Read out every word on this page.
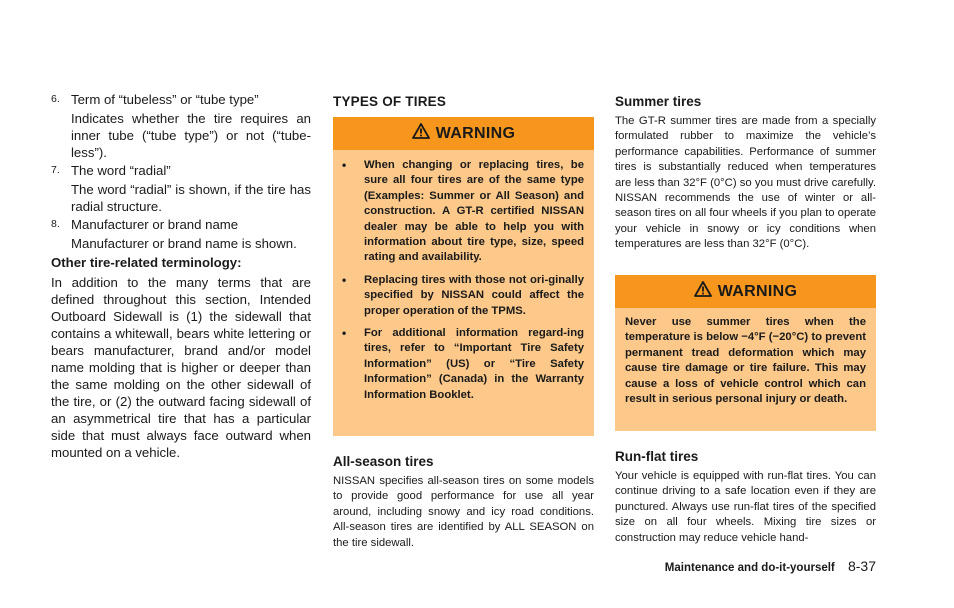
6. Term of “tubeless” or “tube type”
Indicates whether the tire requires an inner tube (“tube type”) or not (“tube-less”).
7. The word “radial”
The word “radial” is shown, if the tire has radial structure.
8. Manufacturer or brand name
Manufacturer or brand name is shown.
Other tire-related terminology:
In addition to the many terms that are defined throughout this section, Intended Outboard Sidewall is (1) the sidewall that contains a whitewall, bears white lettering or bears manufacturer, brand and/or model name molding that is higher or deeper than the same molding on the other sidewall of the tire, or (2) the outward facing sidewall of an asymmetrical tire that has a particular side that must always face outward when mounted on a vehicle.
TYPES OF TIRES
WARNING
• When changing or replacing tires, be sure all four tires are of the same type (Examples: Summer or All Season) and construction. A GT-R certified NISSAN dealer may be able to help you with information about tire type, size, speed rating and availability.
• Replacing tires with those not ori-ginally specified by NISSAN could affect the proper operation of the TPMS.
• For additional information regard-ing tires, refer to “Important Tire Safety Information” (US) or “Tire Safety Information” (Canada) in the Warranty Information Booklet.
All-season tires
NISSAN specifies all-season tires on some models to provide good performance for use all year around, including snowy and icy road conditions. All-season tires are identified by ALL SEASON on the tire sidewall.
Summer tires
The GT-R summer tires are made from a specially formulated rubber to maximize the vehicle’s performance capabilities. Performance of summer tires is substantially reduced when temperatures are less than 32°F (0°C) so you must drive carefully. NISSAN recommends the use of winter or all-season tires on all four wheels if you plan to operate your vehicle in snowy or icy conditions when temperatures are less than 32°F (0°C).
WARNING
Never use summer tires when the temperature is below −4°F (−20°C) to prevent permanent tread deformation which may cause tire damage or tire failure. This may cause a loss of vehicle control which can result in serious personal injury or death.
Run-flat tires
Your vehicle is equipped with run-flat tires. You can continue driving to a safe location even if they are punctured. Always use run-flat tires of the specified size on all four wheels. Mixing tire sizes or construction may reduce vehicle hand-
Maintenance and do-it-yourself 8-37
